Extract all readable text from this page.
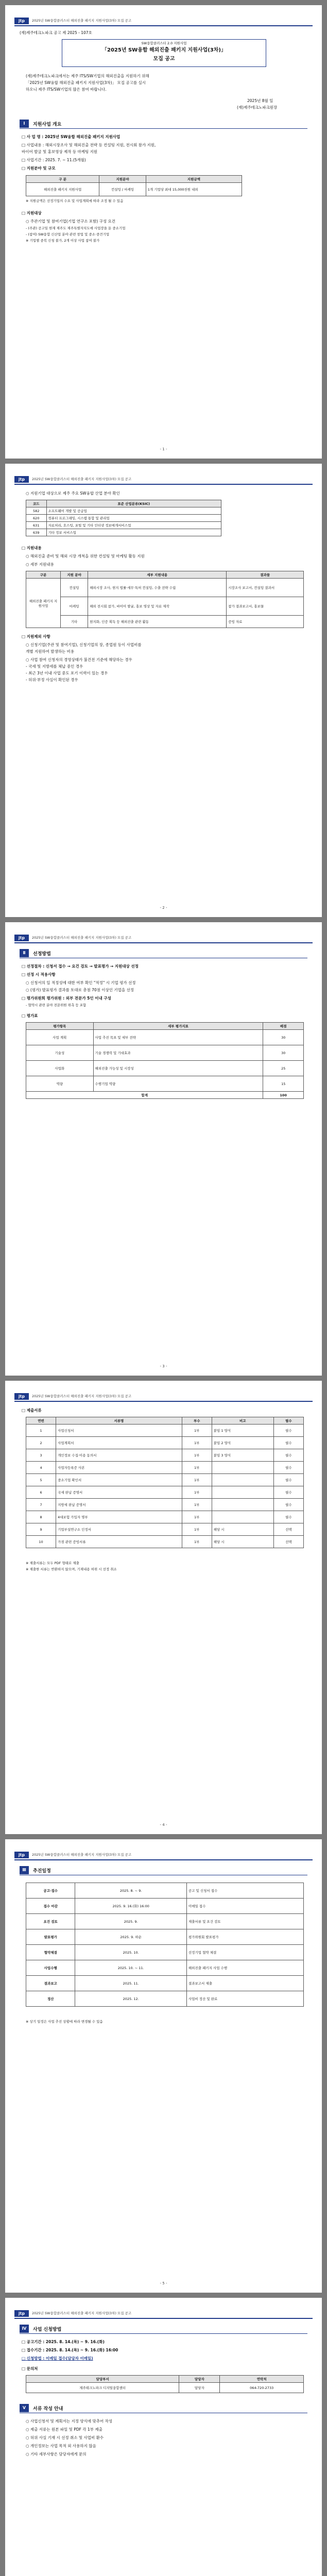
jtp	2025년 SW융합클러스터 해외진출 패키지 지원사업(3차) 모집 공고
(재)제주테크노파크 공고 제 2025 - 107호
SW융합클러스터 2.0 지원사업
「2025년 SW융합 해외진출 패키지 지원사업(3차)」
모집 공고
(재)제주테크노파크에서는 제주 ITS/SW기업의 해외진출을 지원하기 위해
「2025년 SW융합 해외진출 패키지 지원사업(3차)」 모집 공고를 실시
하오니 제주 ITS/SW기업의 많은 참여 바랍니다.
2025년 8월 일
(재)제주테크노파크원장
Ⅰ	지원사업 개요
□ 사 업 명 : 2025년 SW융합 해외진출 패키지 지원사업
□ 사업내용 : 해외시장조사 및 해외진출 전략 등 컨설팅 지원, 전시회 참가 지원,
바이어 발굴 및 홍보영상 제작 등 마케팅 지원
□ 사업기간 : 2025. 7. ~ 11.(5개월)
□ 지원분야 및 규모
구 분	지원분야	지원금액
해외진출 패키지 지원사업	컨설팅 / 마케팅	1개 기업당 최대 15,000천원 내외
※ 지원금액은 선정기업의 수요 및 사업계획에 따라 조정 될 수 있음
□ 지원대상
○ 주관기업 및 참여기업(기업 연구소 포함) 구성 요건
- (주관) 공고일 현재 제주도 제주특별자치도에 사업장을 둔 중소기업
- (참여) SW융합 신산업 분야 관련 창업 및 중소·중견기업
※ 기업별 중복 신청 불가, 2개 이상 사업 참여 불가
- 1 -
jtp	2025년 SW융합클러스터 해외진출 패키지 지원사업(3차) 모집 공고
○ 지원기업 대상으로 제주 주요 SW융합 산업 분야 확인
코드	표준 산업분류(KSIC)
582	소프트웨어 개발 및 공급업
620	컴퓨터 프로그래밍, 시스템 통합 및 관리업
631	자료처리, 호스팅, 포털 및 기타 인터넷 정보매개서비스업
639	기타 정보 서비스업
□ 지원내용
○ 해외진출 준비 및 해외 시장 개척을 위한 컨설팅 및 마케팅 활동 지원
○ 세부 지원내용
구분	지원 분야	세부 지원내용	결과물
해외진출 패키지 지원사업	컨설팅	해외시장 조사, 현지 법률·세무·특허 컨설팅, 수출 전략 수립	시장조사 보고서, 컨설팅 결과서
	마케팅	해외 전시회 참가, 바이어 발굴, 홍보 영상 및 자료 제작	참가 결과보고서, 홍보물
	기타	현지화, 인증 획득 등 해외진출 관련 활동	증빙 자료
□ 지원제외 사항
○ 신청기업(주관 및 참여기업), 신청기업의 장, 종업원 등이 사업비를
개별 지원하여 발생하는 비용
○ 사업 참여 신청자의 경영상태가 불건전 기준에 해당하는 경우
- 국세 및 지방세를 체납 중인 경우
- 최근 3년 이내 사업 중도 포기 이력이 있는 경우
- 허위·부정 사실이 확인된 경우
- 2 -
jtp	2025년 SW융합클러스터 해외진출 패키지 지원사업(3차) 모집 공고
Ⅱ	선정방법
□ 선정절차 : 신청서 접수 → 요건 검토 → 발표평가 → 지원대상 선정
□ 선정 시 적용사항
○ 신청서의 일 적정성에 대한 여부 확인 "적정" 시 기업 평가 선정
○ (평가) 발표평가 결과를 토대로 총점 70점 이상인 기업을 선정
□ 평가위원회 평가위원 : 외부 전문가 5인 이내 구성
- 협약시 관련 분야 전문위원 위촉 등 포함
□ 평가표
평가항목	세부 평가지표	배점
사업 계획	사업 추진 목표 및 세부 전략	30
기술성	기술 경쟁력 및 기대효과	30
사업화	해외진출 가능성 및 시장성	25
역량	수행기업 역량	15
합계		100
- 3 -
jtp	2025년 SW융합클러스터 해외진출 패키지 지원사업(3차) 모집 공고
□ 제출서류
연번	서류명	부수	비고	필수
1	사업신청서	1부	붙임 1 양식	필수
2	사업계획서	1부	붙임 2 양식	필수
3	개인정보 수집·이용 동의서	1부	붙임 3 양식	필수
4	사업자등록증 사본	1부		필수
5	중소기업 확인서	1부		필수
6	국세 완납 증명서	1부		필수
7	지방세 완납 증명서	1부		필수
8	4대보험 가입자 명부	1부		필수
9	기업부설연구소 인정서	1부	해당 시	선택
10	가점 관련 증빙서류	1부	해당 시	선택
※ 제출서류는 모두 PDF 형태로 제출
※ 제출한 서류는 반환하지 않으며, 기재내용 허위 시 선정 취소
- 4 -
jtp	2025년 SW융합클러스터 해외진출 패키지 지원사업(3차) 모집 공고
Ⅲ	추진일정
공고·접수	2025. 8. ~ 9.	공고 및 신청서 접수
접수 마감	2025. 9. 16.(화) 16:00	이메일 접수
요건 검토	2025. 9.	제출서류 및 요건 검토
발표평가	2025. 9. 하순	평가위원회 발표평가
협약체결	2025. 10.	선정기업 협약 체결
사업수행	2025. 10. ~ 11.	해외진출 패키지 사업 수행
결과보고	2025. 11.	결과보고서 제출
정산	2025. 12.	사업비 정산 및 완료
※ 상기 일정은 사업 추진 상황에 따라 변경될 수 있음
- 5 -
jtp	2025년 SW융합클러스터 해외진출 패키지 지원사업(3차) 모집 공고
Ⅳ	사업 신청방법
□ 공고기간 : 2025. 8. 14.(목) ~ 9. 16.(화)
□ 접수기간 : 2025. 8. 14.(목) ~ 9. 16.(화) 16:00
□ 신청방법 : 이메일 접수(담당자 이메일)
□ 문의처
담당부서	담당자	연락처
제주테크노파크 디지털융합센터	담당자	064-720-2733
Ⅴ	서류 작성 안내
○ 사업신청서 및 계획서는 지정 양식에 맞추어 작성
○ 제출 서류는 원본 파일 및 PDF 각 1부 제출
○ 허위 사실 기재 시 선정 취소 및 사업비 환수
○ 개인정보는 사업 목적 외 사용하지 않음
○ 기타 세부사항은 담당자에게 문의
